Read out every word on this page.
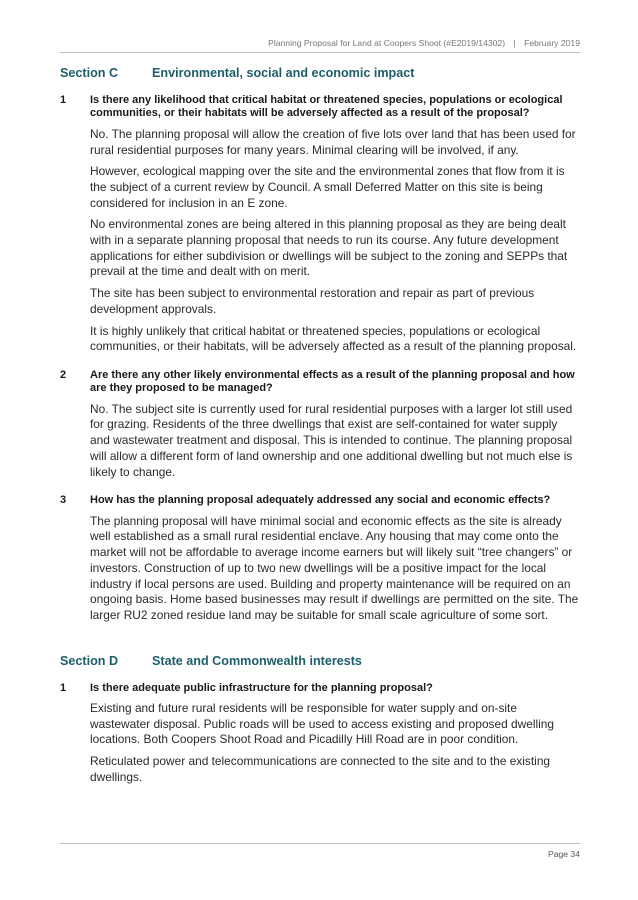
Planning Proposal for Land at Coopers Shoot (#E2019/14302) | February 2019
Section C	Environmental, social and economic impact
1	Is there any likelihood that critical habitat or threatened species, populations or ecological communities, or their habitats will be adversely affected as a result of the proposal?

No. The planning proposal will allow the creation of five lots over land that has been used for rural residential purposes for many years. Minimal clearing will be involved, if any.

However, ecological mapping over the site and the environmental zones that flow from it is the subject of a current review by Council. A small Deferred Matter on this site is being considered for inclusion in an E zone.

No environmental zones are being altered in this planning proposal as they are being dealt with in a separate planning proposal that needs to run its course. Any future development applications for either subdivision or dwellings will be subject to the zoning and SEPPs that prevail at the time and dealt with on merit.

The site has been subject to environmental restoration and repair as part of previous development approvals.

It is highly unlikely that critical habitat or threatened species, populations or ecological communities, or their habitats, will be adversely affected as a result of the planning proposal.

2	Are there any other likely environmental effects as a result of the planning proposal and how are they proposed to be managed?

No. The subject site is currently used for rural residential purposes with a larger lot still used for grazing. Residents of the three dwellings that exist are self-contained for water supply and wastewater treatment and disposal. This is intended to continue. The planning proposal will allow a different form of land ownership and one additional dwelling but not much else is likely to change.

3	How has the planning proposal adequately addressed any social and economic effects?

The planning proposal will have minimal social and economic effects as the site is already well established as a small rural residential enclave. Any housing that may come onto the market will not be affordable to average income earners but will likely suit “tree changers” or investors. Construction of up to two new dwellings will be a positive impact for the local industry if local persons are used. Building and property maintenance will be required on an ongoing basis. Home based businesses may result if dwellings are permitted on the site. The larger RU2 zoned residue land may be suitable for small scale agriculture of some sort.

Section D	State and Commonwealth interests
1	Is there adequate public infrastructure for the planning proposal?

Existing and future rural residents will be responsible for water supply and on-site wastewater disposal. Public roads will be used to access existing and proposed dwelling locations. Both Coopers Shoot Road and Picadilly Hill Road are in poor condition.

Reticulated power and telecommunications are connected to the site and to the existing dwellings.

Page 34
